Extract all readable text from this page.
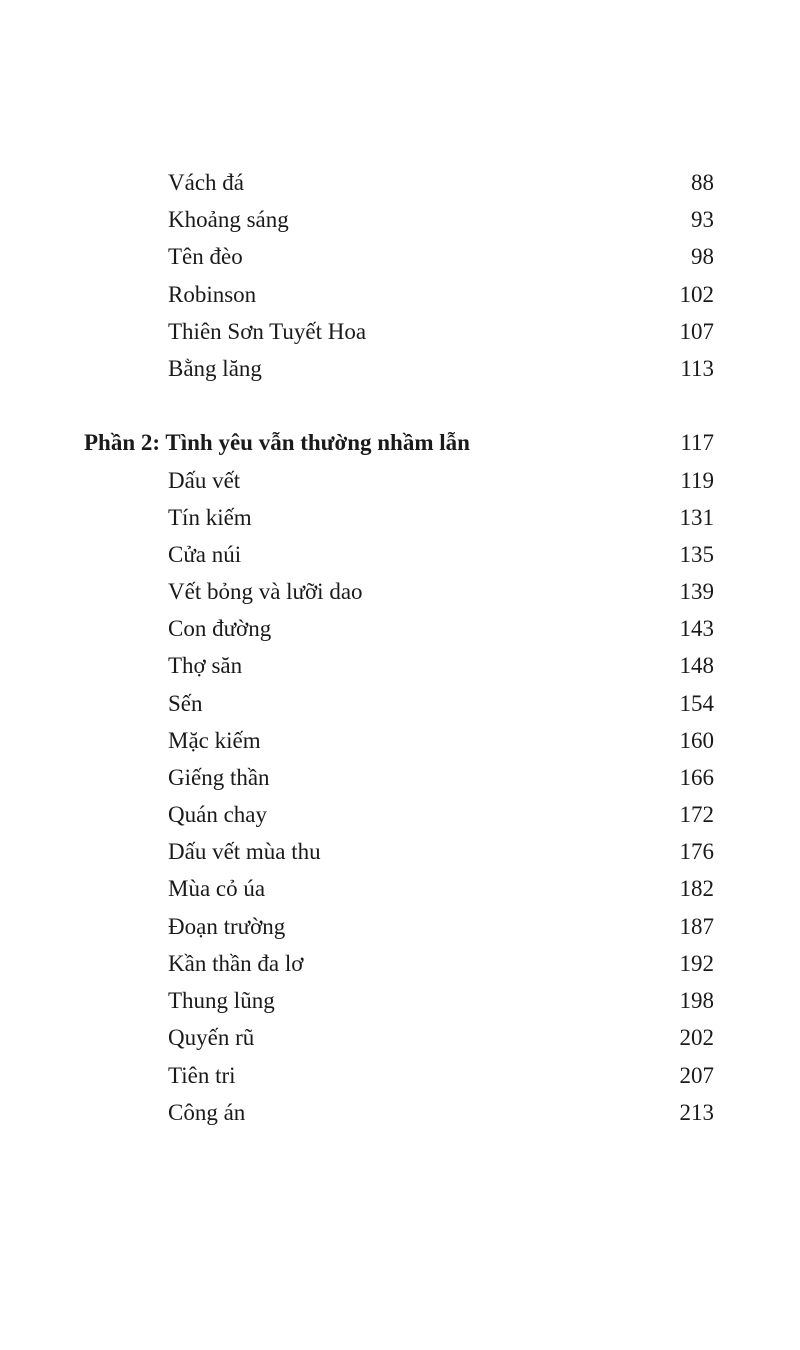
Vách đá	88
Khoảng sáng	93
Tên đèo	98
Robinson	102
Thiên Sơn Tuyết Hoa	107
Bằng lăng	113
Phần 2: Tình yêu vẫn thường nhầm lẫn	117
Dấu vết	119
Tín kiếm	131
Cửa núi	135
Vết bỏng và lưỡi dao	139
Con đường	143
Thợ săn	148
Sến	154
Mặc kiếm	160
Giếng thần	166
Quán chay	172
Dấu vết mùa thu	176
Mùa cỏ úa	182
Đoạn trường	187
Kần thần đa lơ	192
Thung lũng	198
Quyến rũ	202
Tiên tri	207
Công án	213
